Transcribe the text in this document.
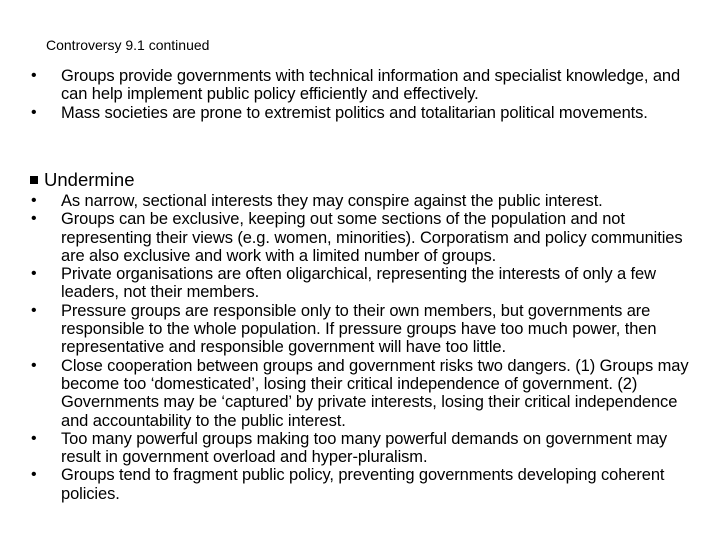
Controversy 9.1 continued
• Groups provide governments with technical information and specialist knowledge, and can help implement public policy efficiently and effectively.
• Mass societies are prone to extremist politics and totalitarian political movements.
Undermine
• As narrow, sectional interests they may conspire against the public interest.
• Groups can be exclusive, keeping out some sections of the population and not representing their views (e.g. women, minorities). Corporatism and policy communities are also exclusive and work with a limited number of groups.
• Private organisations are often oligarchical, representing the interests of only a few leaders, not their members.
• Pressure groups are responsible only to their own members, but governments are responsible to the whole population. If pressure groups have too much power, then representative and responsible government will have too little.
• Close cooperation between groups and government risks two dangers. (1) Groups may become too ‘domesticated’, losing their critical independence of government. (2) Governments may be ‘captured’ by private interests, losing their critical independence and accountability to the public interest.
• Too many powerful groups making too many powerful demands on government may result in government overload and hyper-pluralism.
• Groups tend to fragment public policy, preventing governments developing coherent policies.
